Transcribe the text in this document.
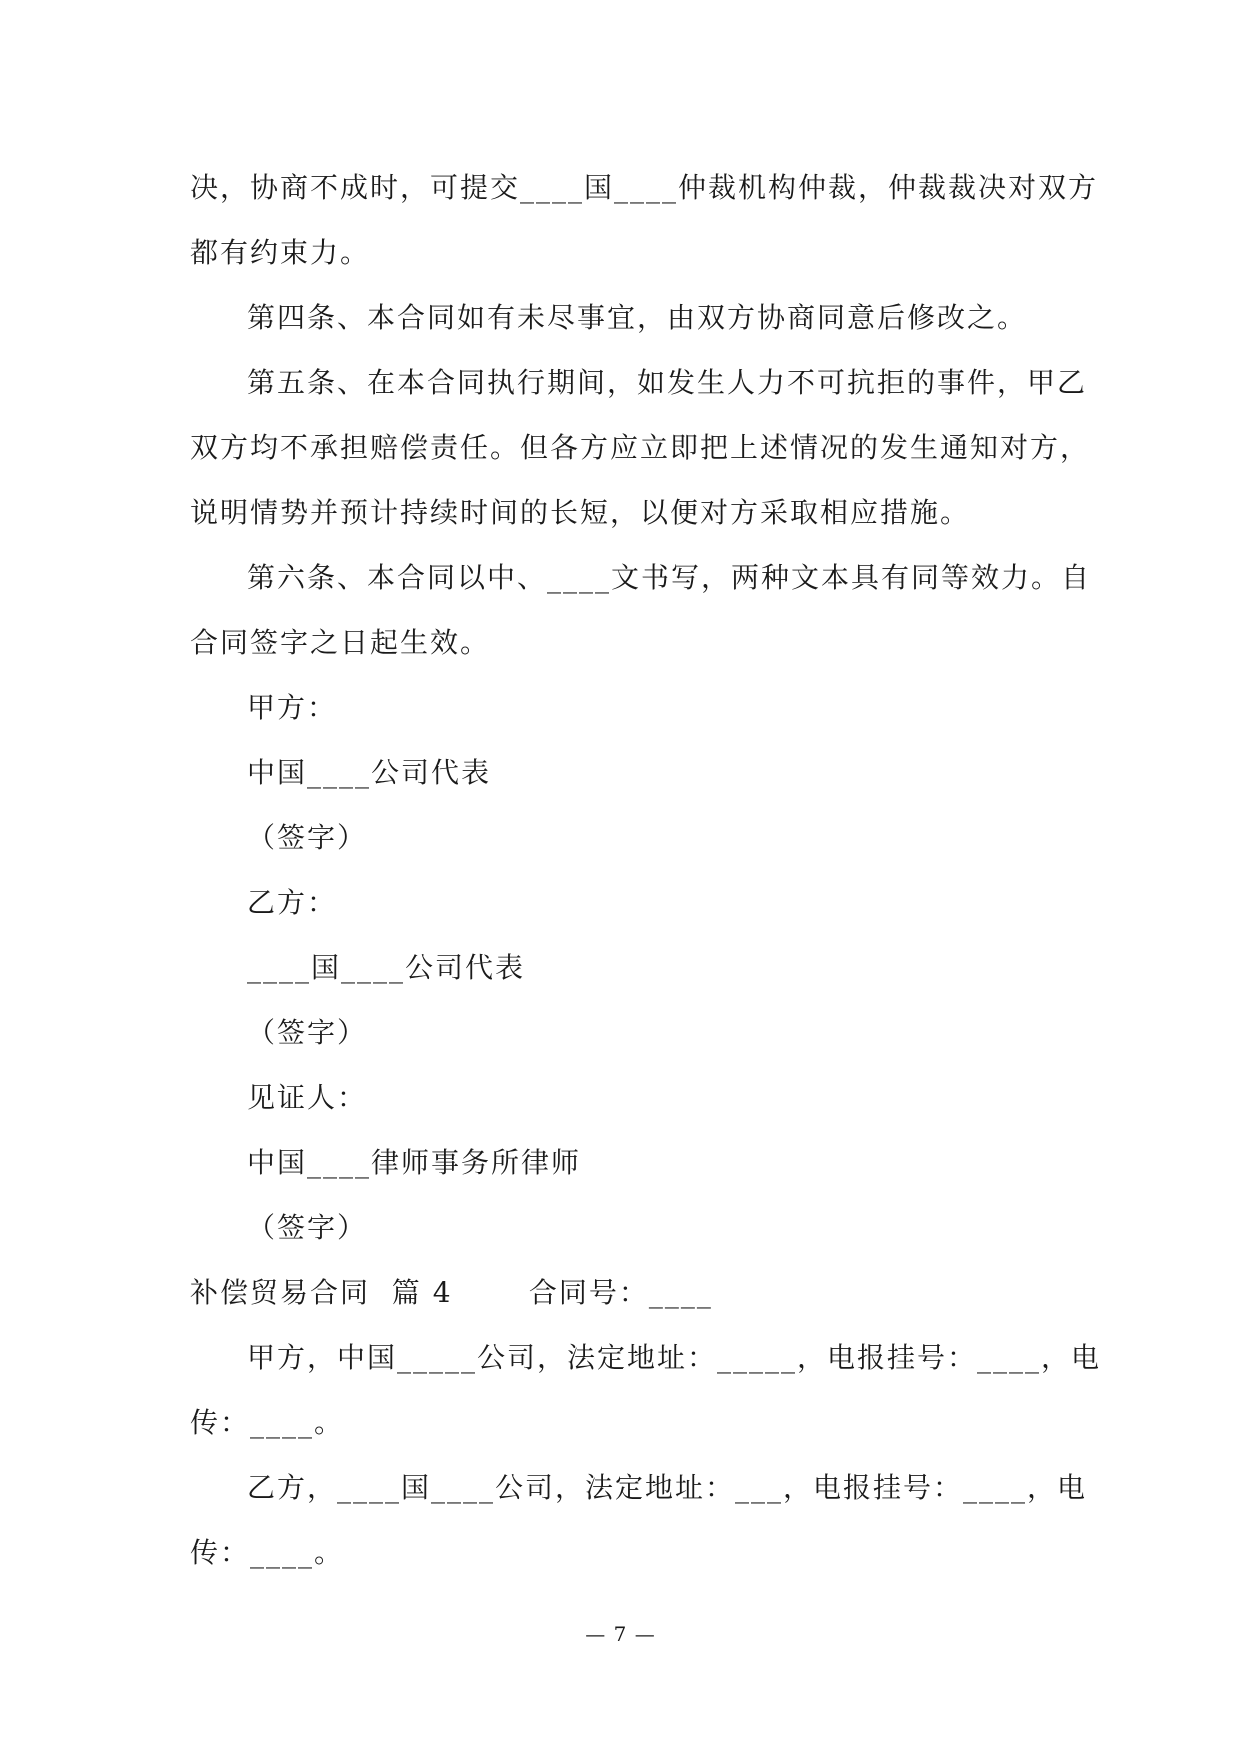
决，协商不成时，可提交____国____仲裁机构仲裁，仲裁裁决对双方
都有约束力。
第四条、本合同如有未尽事宜，由双方协商同意后修改之。
第五条、在本合同执行期间，如发生人力不可抗拒的事件，甲乙
双方均不承担赔偿责任。但各方应立即把上述情况的发生通知对方，
说明情势并预计持续时间的长短，以便对方采取相应措施。
第六条、本合同以中、____文书写，两种文本具有同等效力。自
合同签字之日起生效。
甲方：
中国____公司代表
（签字）
乙方：
____国____公司代表
（签字）
见证人：
中国____律师事务所律师
（签字）
补偿贸易合同  篇 4       合同号：____
甲方，中国_____公司，法定地址：_____，电报挂号：____，电
传：____。
乙方，____国____公司，法定地址：___，电报挂号：____，电
传：____。
— 7 —
